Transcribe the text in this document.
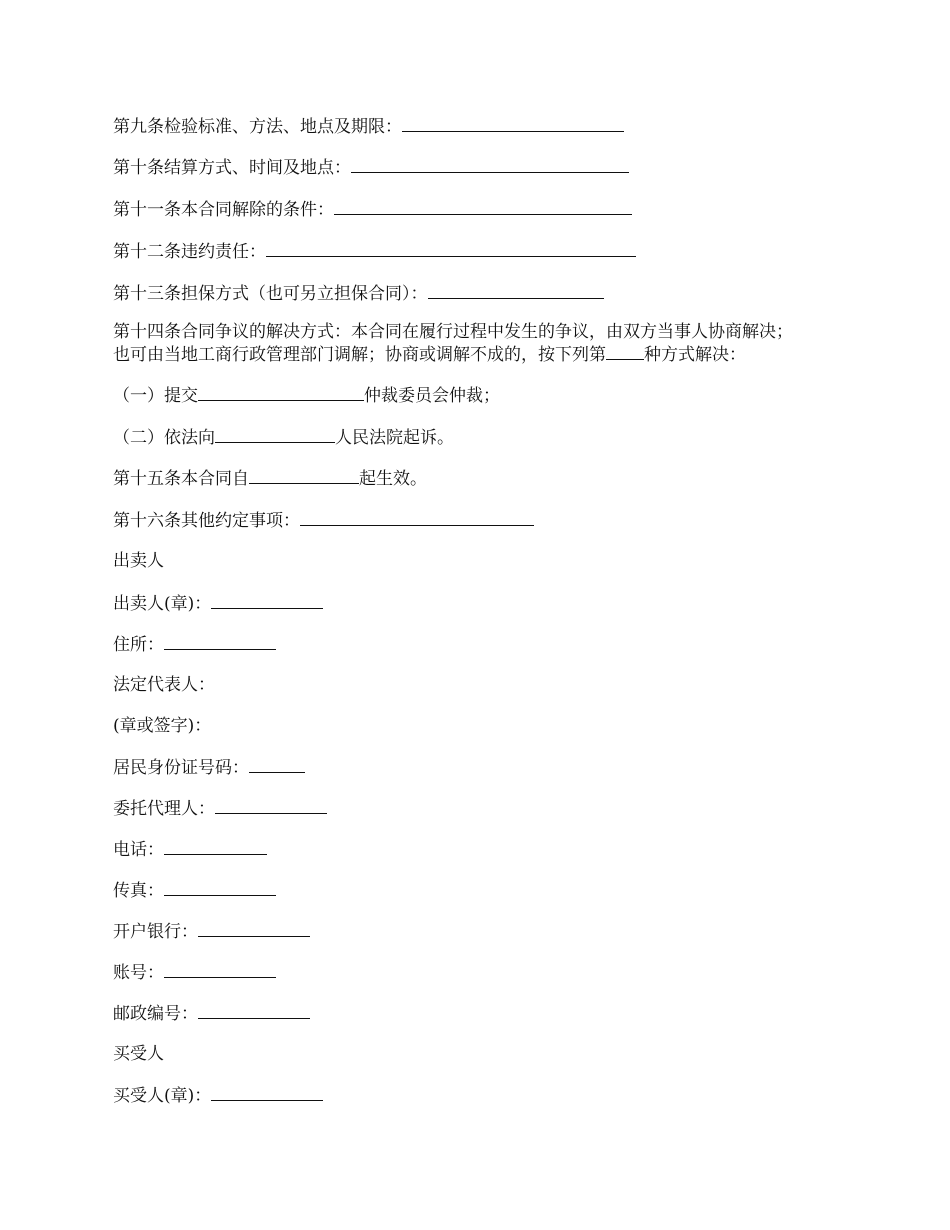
第九条检验标准、方法、地点及期限：
第十条结算方式、时间及地点：
第十一条本合同解除的条件：
第十二条违约责任：
第十三条担保方式（也可另立担保合同）：
第十四条合同争议的解决方式：本合同在履行过程中发生的争议，由双方当事人协商解决；
也可由当地工商行政管理部门调解；协商或调解不成的，按下列第 种方式解决：
（一）提交	仲裁委员会仲裁；
（二）依法向	人民法院起诉。
第十五条本合同自	起生效。
第十六条其他约定事项：
出卖人
出卖人(章)：
住所：
法定代表人：
(章或签字)：
居民身份证号码：
委托代理人：
电话：
传真：
开户银行：
账号：
邮政编号：
买受人
买受人(章)：
